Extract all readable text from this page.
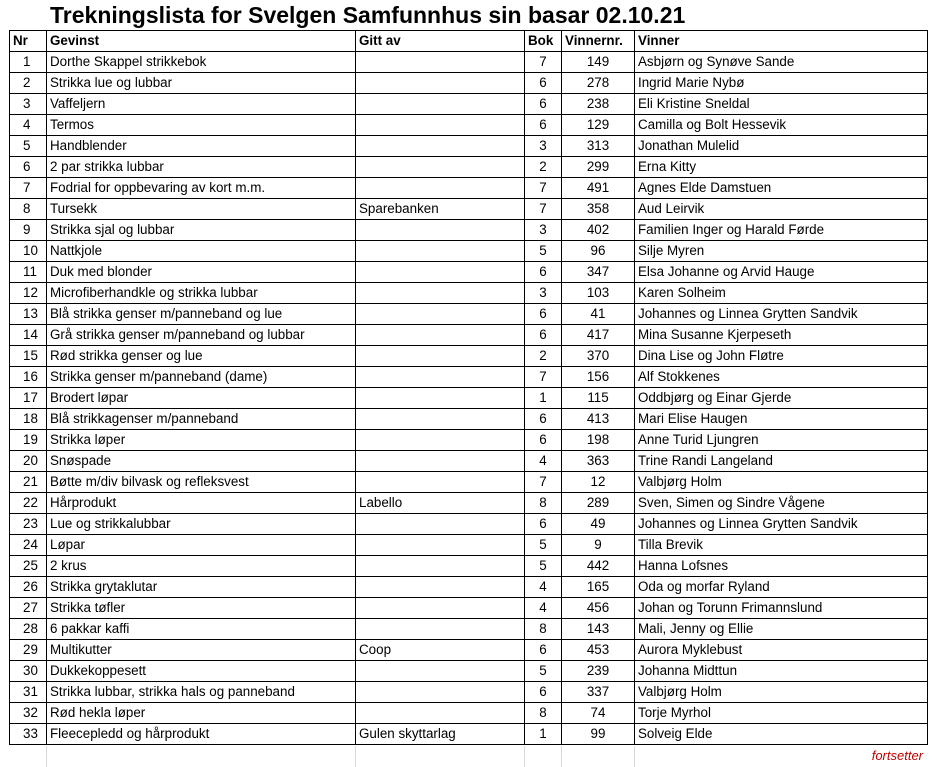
Trekningslista for Svelgen Samfunnhus sin basar 02.10.21
Nr	Gevinst	Gitt av	Bok	Vinnernr.	Vinner
1	Dorthe Skappel strikkebok		7	149	Asbjørn og Synøve Sande
2	Strikka lue og lubbar		6	278	Ingrid Marie Nybø
3	Vaffeljern		6	238	Eli Kristine Sneldal
4	Termos		6	129	Camilla og Bolt Hessevik
5	Handblender		3	313	Jonathan Mulelid
6	2 par strikka lubbar		2	299	Erna Kitty
7	Fodrial for oppbevaring av kort m.m.		7	491	Agnes Elde Damstuen
8	Tursekk	Sparebanken	7	358	Aud Leirvik
9	Strikka sjal og lubbar		3	402	Familien Inger og Harald Førde
10	Nattkjole		5	96	Silje Myren
11	Duk med blonder		6	347	Elsa Johanne og Arvid Hauge
12	Microfiberhandkle og strikka lubbar		3	103	Karen Solheim
13	Blå strikka genser m/panneband og lue		6	41	Johannes og Linnea Grytten Sandvik
14	Grå strikka genser m/panneband og lubbar		6	417	Mina Susanne Kjerpeseth
15	Rød strikka genser og lue		2	370	Dina Lise og John Fløtre
16	Strikka genser m/panneband (dame)		7	156	Alf Stokkenes
17	Brodert løpar		1	115	Oddbjørg og Einar Gjerde
18	Blå strikkagenser m/panneband		6	413	Mari Elise Haugen
19	Strikka løper		6	198	Anne Turid Ljungren
20	Snøspade		4	363	Trine Randi Langeland
21	Bøtte m/div bilvask og refleksvest		7	12	Valbjørg Holm
22	Hårprodukt	Labello	8	289	Sven, Simen og Sindre Vågene
23	Lue og strikkalubbar		6	49	Johannes og Linnea Grytten Sandvik
24	Løpar		5	9	Tilla Brevik
25	2 krus		5	442	Hanna Lofsnes
26	Strikka grytaklutar		4	165	Oda og morfar Ryland
27	Strikka tøfler		4	456	Johan og Torunn Frimannslund
28	6 pakkar kaffi		8	143	Mali, Jenny og Ellie
29	Multikutter	Coop	6	453	Aurora Myklebust
30	Dukkekoppesett		5	239	Johanna Midttun
31	Strikka lubbar, strikka hals og panneband		6	337	Valbjørg Holm
32	Rød hekla løper		8	74	Torje Myrhol
33	Fleecepledd og hårprodukt	Gulen skyttarlag	1	99	Solveig Elde
fortsetter
